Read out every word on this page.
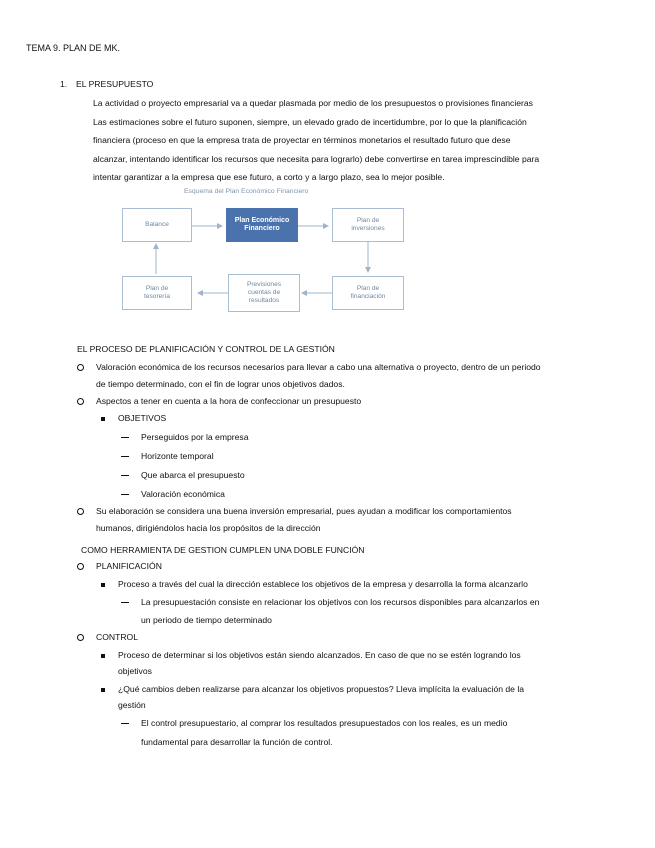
TEMA 9. PLAN DE MK.
1. EL PRESUPUESTO

La actividad o proyecto empresarial va a quedar plasmada por medio de los presupuestos o provisiones financieras

Las estimaciones sobre el futuro suponen, siempre, un elevado grado de incertidumbre, por lo que la planificación

financiera (proceso en que la empresa trata de proyectar en términos monetarios el resultado futuro que dese

alcanzar, intentando identificar los recursos que necesita para lograrlo) debe convertirse en tarea imprescindible para

intentar garantizar a la empresa que ese futuro, a corto y a largo plazo, sea lo mejor posible.

Esquema del Plan Económico Financiero
Balance
Plan Económico
Financiero
Plan de
inversiones
Plan de
financiación
Previsiones
cuentas de
resultados
Plan de
tesorería
EL PROCESO DE PLANIFICACIÓN Y CONTROL DE LA GESTIÓN
Valoración económica de los recursos necesarios para llevar a cabo una alternativa o proyecto, dentro de un periodo
de tiempo determinado, con el fin de lograr unos objetivos dados.
Aspectos a tener en cuenta a la hora de confeccionar un presupuesto
OBJETIVOS
Perseguidos por la empresa
Horizonte temporal
Que abarca el presupuesto
Valoración económica
Su elaboración se considera una buena inversión empresarial, pues ayudan a modificar los comportamientos
humanos, dirigiéndolos hacia los propósitos de la dirección
COMO HERRAMIENTA DE GESTION CUMPLEN UNA DOBLE FUNCIÓN
PLANIFICACIÓN
Proceso a través del cual la dirección establece los objetivos de la empresa y desarrolla la forma alcanzarlo
La presupuestación consiste en relacionar los objetivos con los recursos disponibles para alcanzarlos en
un periodo de tiempo determinado
CONTROL
Proceso de determinar si los objetivos están siendo alcanzados. En caso de que no se estén logrando los
objetivos
¿Qué cambios deben realizarse para alcanzar los objetivos propuestos? Lleva implícita la evaluación de la
gestión
El control presupuestario, al comprar los resultados presupuestados con los reales, es un medio
fundamental para desarrollar la función de control.
